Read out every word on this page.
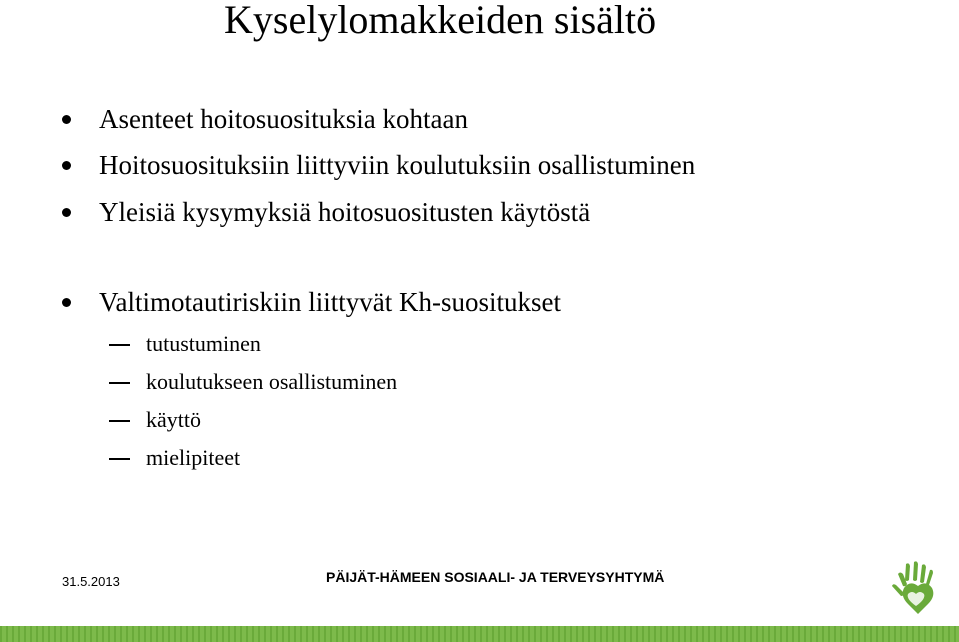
Kyselylomakkeiden sisältö
Asenteet hoitosuosituksia kohtaan
Hoitosuosituksiin liittyviin koulutuksiin osallistuminen
Yleisiä kysymyksiä hoitosuositusten käytöstä
Valtimotautiriskiin liittyvät Kh-suositukset
tutustuminen
koulutukseen osallistuminen
käyttö
mielipiteet
31.5.2013	PÄIJÄT-HÄMEEN SOSIAALI- JA TERVEYSYHTYMÄ
